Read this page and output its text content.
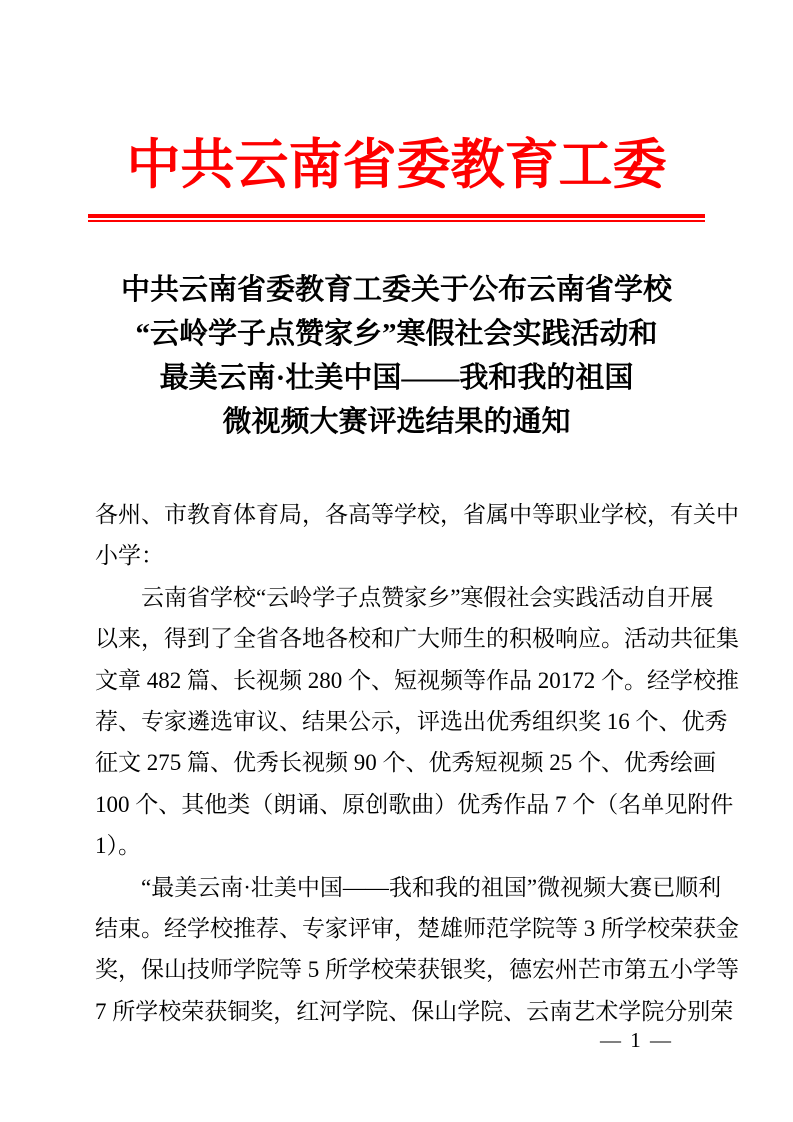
中共云南省委教育工委
中共云南省委教育工委关于公布云南省学校
“云岭学子点赞家乡”寒假社会实践活动和
最美云南·壮美中国——我和我的祖国
微视频大赛评选结果的通知
各州、市教育体育局，各高等学校，省属中等职业学校，有关中
小学：
云南省学校“云岭学子点赞家乡”寒假社会实践活动自开展
以来，得到了全省各地各校和广大师生的积极响应。活动共征集
文章 482 篇、长视频 280 个、短视频等作品 20172 个。经学校推
荐、专家遴选审议、结果公示，评选出优秀组织奖 16 个、优秀
征文 275 篇、优秀长视频 90 个、优秀短视频 25 个、优秀绘画
100 个、其他类（朗诵、原创歌曲）优秀作品 7 个（名单见附件
1）。
“最美云南·壮美中国——我和我的祖国”微视频大赛已顺利
结束。经学校推荐、专家评审，楚雄师范学院等 3 所学校荣获金
奖，保山技师学院等 5 所学校荣获银奖，德宏州芒市第五小学等
7 所学校荣获铜奖，红河学院、保山学院、云南艺术学院分别荣
— 1 —
